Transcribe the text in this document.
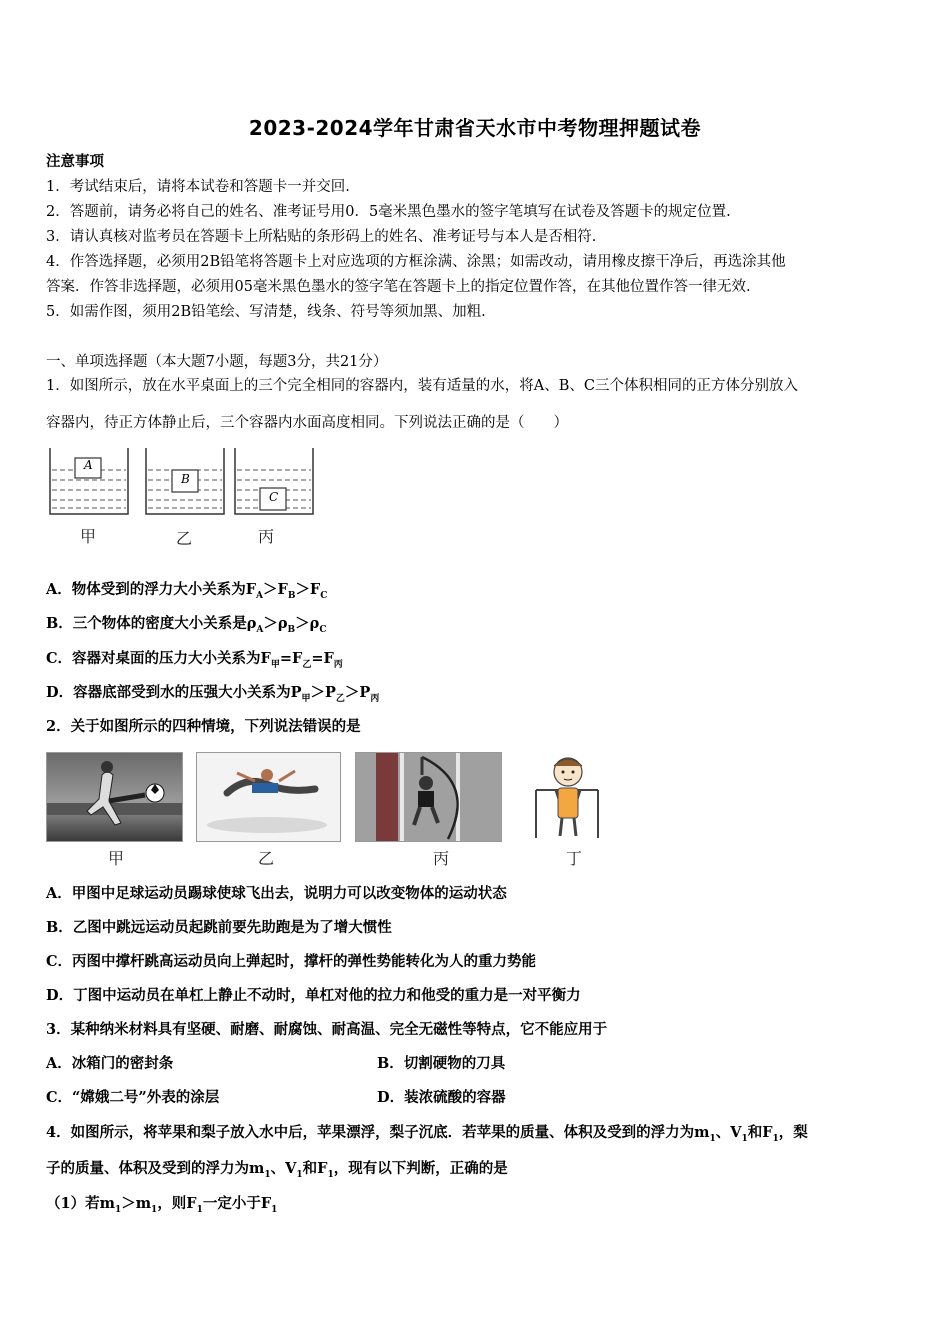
2023-2024学年甘肃省天水市中考物理押题试卷
注意事项
1．考试结束后，请将本试卷和答题卡一并交回.
2．答题前，请务必将自己的姓名、准考证号用0．5毫米黑色墨水的签字笔填写在试卷及答题卡的规定位置.
3．请认真核对监考员在答题卡上所粘贴的条形码上的姓名、准考证号与本人是否相符.
4．作答选择题，必须用2B铅笔将答题卡上对应选项的方框涂满、涂黑；如需改动，请用橡皮擦干净后，再选涂其他
答案．作答非选择题，必须用05毫米黑色墨水的签字笔在答题卡上的指定位置作答，在其他位置作答一律无效.
5．如需作图，须用2B铅笔绘、写清楚，线条、符号等须加黑、加粗.
一、单项选择题（本大题7小题，每题3分，共21分）
1．如图所示，放在水平桌面上的三个完全相同的容器内，装有适量的水，将A、B、C三个体积相同的正方体分别放入
容器内，待正方体静止后，三个容器内水面高度相同。下列说法正确的是（　　）
A
B
C
甲	乙	丙
A．物体受到的浮力大小关系为$F_A>F_B>F_C$
B．三个物体的密度大小关系是$\rho_A>\rho_B>\rho_C$
C．容器对桌面的压力大小关系为$F_甲=F_乙=F_丙$
D．容器底部受到水的压强大小关系为$P_甲>P_乙>P_丙$
2．关于如图所示的四种情境，下列说法错误的是
甲	乙	丙	丁
A．甲图中足球运动员踢球使球飞出去，说明力可以改变物体的运动状态
B．乙图中跳远运动员起跳前要先助跑是为了增大惯性
C．丙图中撑杆跳高运动员向上弹起时，撑杆的弹性势能转化为人的重力势能
D．丁图中运动员在单杠上静止不动时，单杠对他的拉力和他受的重力是一对平衡力
3．某种纳米材料具有坚硬、耐磨、耐腐蚀、耐高温、完全无磁性等特点，它不能应用于
A．冰箱门的密封条	B．切割硬物的刀具
C．“嫦娥二号”外表的涂层	D．装浓硫酸的容器
4．如图所示，将苹果和梨子放入水中后，苹果漂浮，梨子沉底．若苹果的质量、体积及受到的浮力为$m_1$、$V_1$和$F_1$，梨
子的质量、体积及受到的浮力为$m_1$、$V_1$和$F_1$，现有以下判断，正确的是
（1）若$m_1>m_1$，则$F_1$一定小于$F_1$
